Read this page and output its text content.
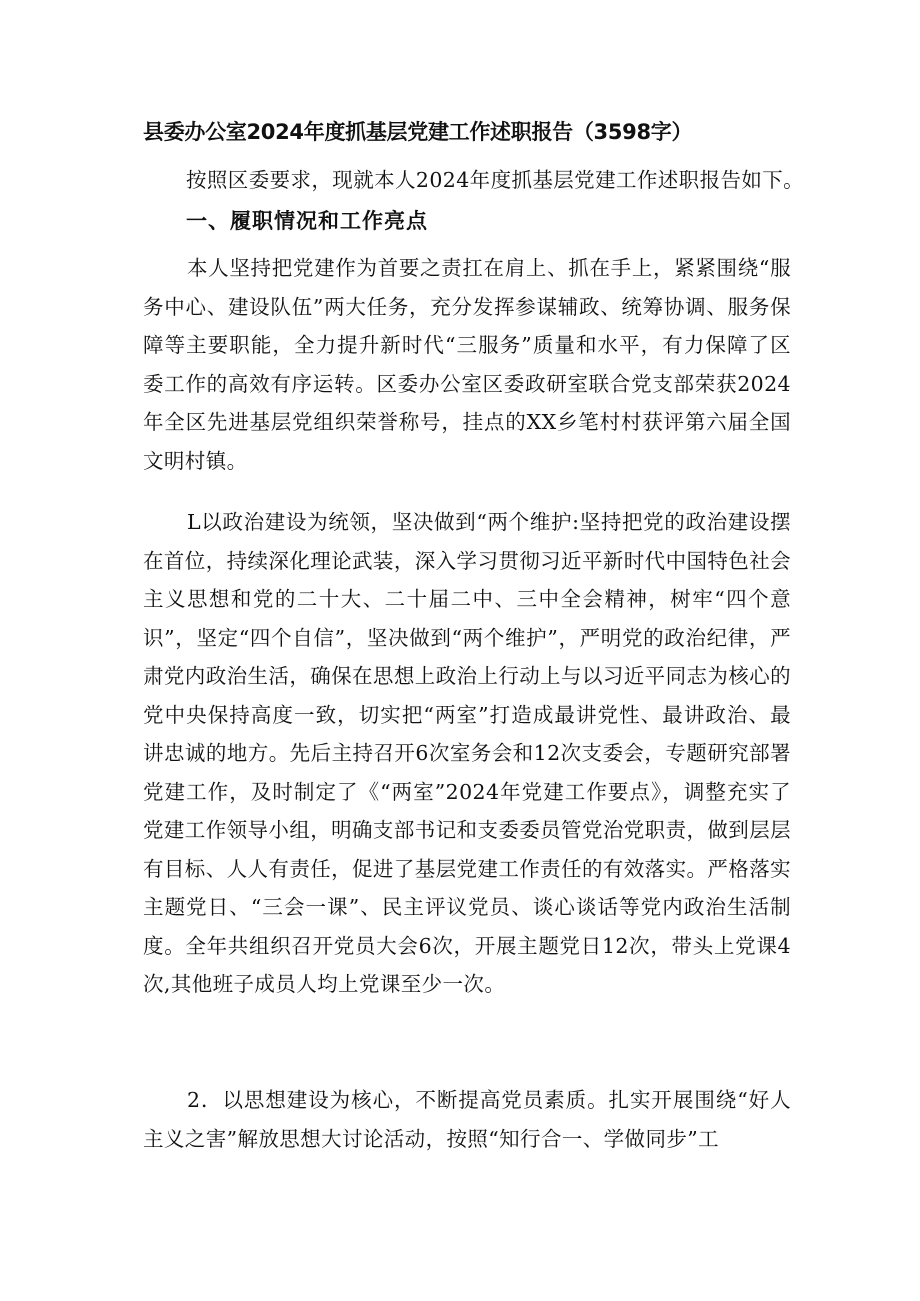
县委办公室2024年度抓基层党建工作述职报告（3598字）
按照区委要求，现就本人2024年度抓基层党建工作述职报告如下。
一、履职情况和工作亮点

本人坚持把党建作为首要之责扛在肩上、抓在手上，紧紧围绕“服务中心、建设队伍”两大任务，充分发挥参谋辅政、统筹协调、服务保障等主要职能，全力提升新时代“三服务”质量和水平，有力保障了区委工作的高效有序运转。区委办公室区委政研室联合党支部荣获2024年全区先进基层党组织荣誉称号，挂点的XX乡笔村村获评第六届全国文明村镇。

L以政治建设为统领，坚决做到“两个维护:坚持把党的政治建设摆在首位，持续深化理论武装，深入学习贯彻习近平新时代中国特色社会主义思想和党的二十大、二十届二中、三中全会精神，树牢“四个意识”，坚定“四个自信”，坚决做到“两个维护”，严明党的政治纪律，严肃党内政治生活，确保在思想上政治上行动上与以习近平同志为核心的党中央保持高度一致，切实把“两室”打造成最讲党性、最讲政治、最讲忠诚的地方。先后主持召开6次室务会和12次支委会，专题研究部署党建工作，及时制定了《“两室”2024年党建工作要点》，调整充实了党建工作领导小组，明确支部书记和支委委员管党治党职责，做到层层有目标、人人有责任，促进了基层党建工作责任的有效落实。严格落实主题党日、“三会一课”、民主评议党员、谈心谈话等党内政治生活制度。全年共组织召开党员大会6次，开展主题党日12次，带头上党课4次,其他班子成员人均上党课至少一次。

2．以思想建设为核心，不断提高党员素质。扎实开展围绕“好人主义之害”解放思想大讨论活动，按照“知行合一、学做同步”工
